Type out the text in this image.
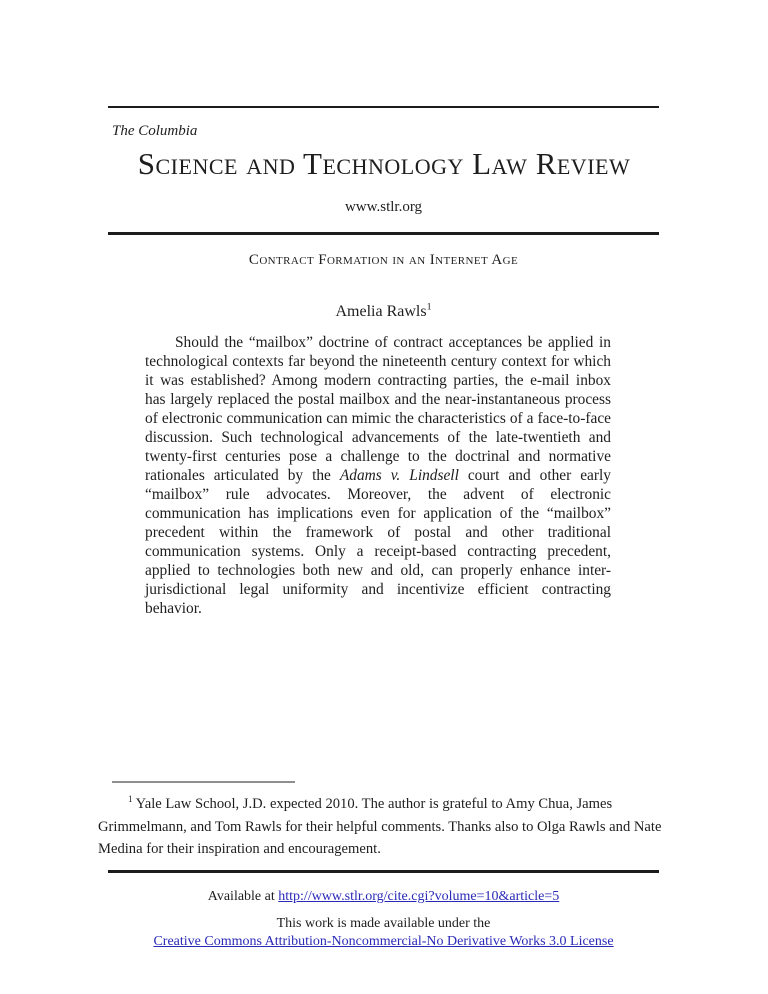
The Columbia
Science and Technology Law Review
www.stlr.org
Contract Formation in an Internet Age
Amelia Rawls$^1$

Should the “mailbox” doctrine of contract acceptances be applied in technological contexts far beyond the nineteenth century context for which it was established? Among modern contracting parties, the e-mail inbox has largely replaced the postal mailbox and the near-instantaneous process of electronic communication can mimic the characteristics of a face-to-face discussion. Such technological advancements of the late-twentieth and twenty-first centuries pose a challenge to the doctrinal and normative rationales articulated by the Adams v. Lindsell court and other early “mailbox” rule advocates. Moreover, the advent of electronic communication has implications even for application of the “mailbox” precedent within the framework of postal and other traditional communication systems. Only a receipt-based contracting precedent, applied to technologies both new and old, can properly enhance inter-jurisdictional legal uniformity and incentivize efficient contracting behavior.

$^1$ Yale Law School, J.D. expected 2010. The author is grateful to Amy Chua, James Grimmelmann, and Tom Rawls for their helpful comments. Thanks also to Olga Rawls and Nate Medina for their inspiration and encouragement.

Available at http://www.stlr.org/cite.cgi?volume=10&article=5
This work is made available under the
Creative Commons Attribution-Noncommercial-No Derivative Works 3.0 License
